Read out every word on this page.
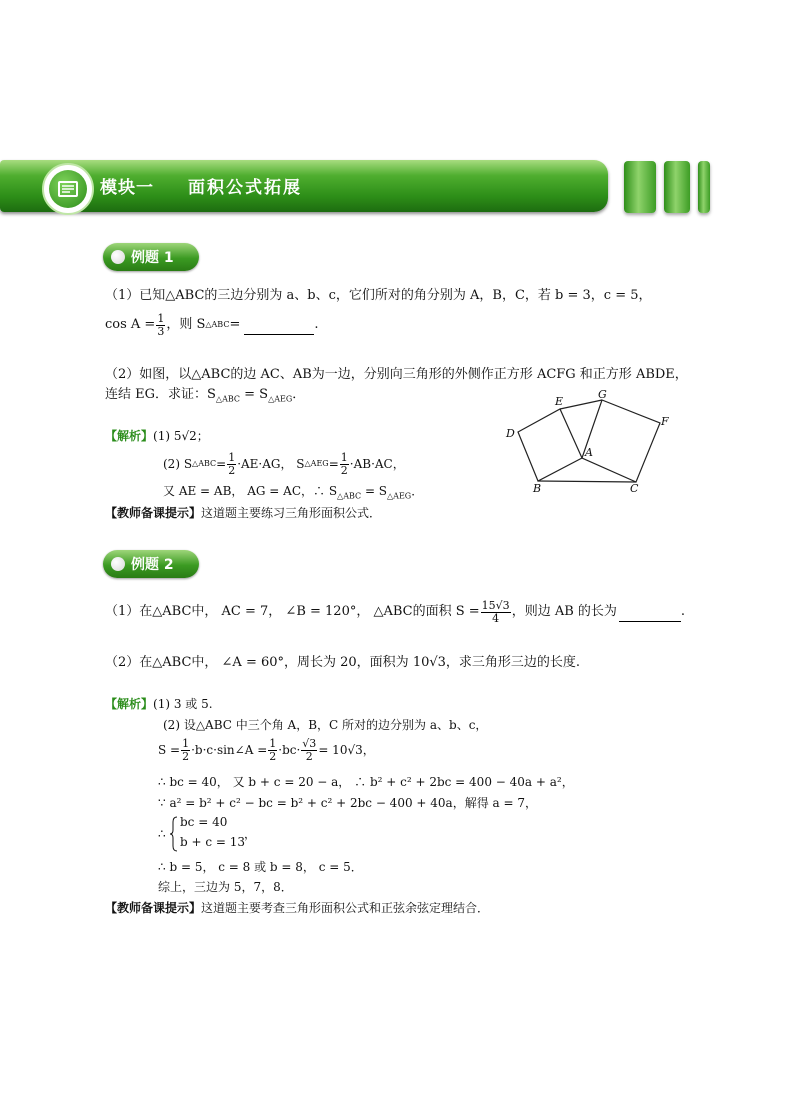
模块一 面积公式拓展
例题 1
（1）已知△ABC的三边分别为 a、b、c，它们所对的角分别为 A，B，C，若 b = 3，c = 5，
$\cos A = \frac{1}{3}$ ，则 S △ABC =
	.
（2）如图，以△ABC的边 AC、AB为一边，分别向三角形的外侧作正方形 ACFG 和正方形 ABDE，
连结 EG．求证：$S_{\triangle ABC} = S_{\triangle AEG}$．
【解析】(1) 5√2；
(2) S △ABC = $\frac{1}{2} \cdot AE\cdot AG$， S △AEG = $\frac{1}{2} \cdot AB\cdot AC$，
又 AE = AB， AG = AC，∴ $S_{\triangle ABC} = S_{\triangle AEG}$．
【教师备课提示】这道题主要练习三角形面积公式．
D
E
G
F
A
B	C
例题 2
（1）在△ABC中， AC = 7， ∠B = 120°， △ABC的面积 $S = \frac{15√3}{4}$ ，则边 AB 的长为
	.
（2）在△ABC中， ∠A = 60°，周长为 20，面积为 10√3，求三角形三边的长度.
【解析】(1) 3 或 5.
(2) 设△ABC 中三个角 A，B，C 所对的边分别为 a、b、c，
$S = \frac{1}{2}$ ·b·c·sin∠A = $\frac{1}{2} \cdot bc\cdot \frac{√3}{2} = 10√3$，
∴ bc = 40， 又 b + c = 20 − a， ∴ b² + c² + 2bc = 400 − 40a + a²，
∵ a² = b² + c² − bc = b² + c² + 2bc − 400 + 40a，解得 a = 7，
∴
bc = 40
b + c = 13
，
∴ b = 5， c = 8 或 b = 8， c = 5．
综上，三边为 5，7，8．
【教师备课提示】这道题主要考查三角形面积公式和正弦余弦定理结合．
